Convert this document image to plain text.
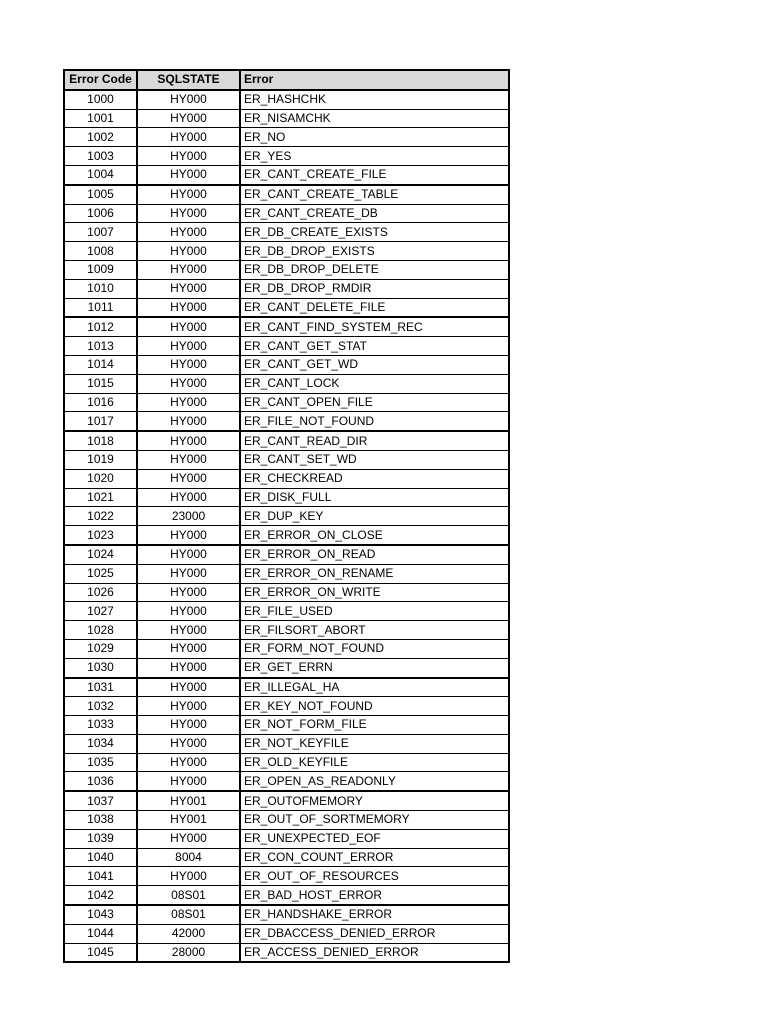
Error Code	SQLSTATE	Error
1000	HY000	ER_HASHCHK
1001	HY000	ER_NISAMCHK
1002	HY000	ER_NO
1003	HY000	ER_YES
1004	HY000	ER_CANT_CREATE_FILE
1005	HY000	ER_CANT_CREATE_TABLE
1006	HY000	ER_CANT_CREATE_DB
1007	HY000	ER_DB_CREATE_EXISTS
1008	HY000	ER_DB_DROP_EXISTS
1009	HY000	ER_DB_DROP_DELETE
1010	HY000	ER_DB_DROP_RMDIR
1011	HY000	ER_CANT_DELETE_FILE
1012	HY000	ER_CANT_FIND_SYSTEM_REC
1013	HY000	ER_CANT_GET_STAT
1014	HY000	ER_CANT_GET_WD
1015	HY000	ER_CANT_LOCK
1016	HY000	ER_CANT_OPEN_FILE
1017	HY000	ER_FILE_NOT_FOUND
1018	HY000	ER_CANT_READ_DIR
1019	HY000	ER_CANT_SET_WD
1020	HY000	ER_CHECKREAD
1021	HY000	ER_DISK_FULL
1022	23000	ER_DUP_KEY
1023	HY000	ER_ERROR_ON_CLOSE
1024	HY000	ER_ERROR_ON_READ
1025	HY000	ER_ERROR_ON_RENAME
1026	HY000	ER_ERROR_ON_WRITE
1027	HY000	ER_FILE_USED
1028	HY000	ER_FILSORT_ABORT
1029	HY000	ER_FORM_NOT_FOUND
1030	HY000	ER_GET_ERRN
1031	HY000	ER_ILLEGAL_HA
1032	HY000	ER_KEY_NOT_FOUND
1033	HY000	ER_NOT_FORM_FILE
1034	HY000	ER_NOT_KEYFILE
1035	HY000	ER_OLD_KEYFILE
1036	HY000	ER_OPEN_AS_READONLY
1037	HY001	ER_OUTOFMEMORY
1038	HY001	ER_OUT_OF_SORTMEMORY
1039	HY000	ER_UNEXPECTED_EOF
1040	8004	ER_CON_COUNT_ERROR
1041	HY000	ER_OUT_OF_RESOURCES
1042	08S01	ER_BAD_HOST_ERROR
1043	08S01	ER_HANDSHAKE_ERROR
1044	42000	ER_DBACCESS_DENIED_ERROR
1045	28000	ER_ACCESS_DENIED_ERROR
